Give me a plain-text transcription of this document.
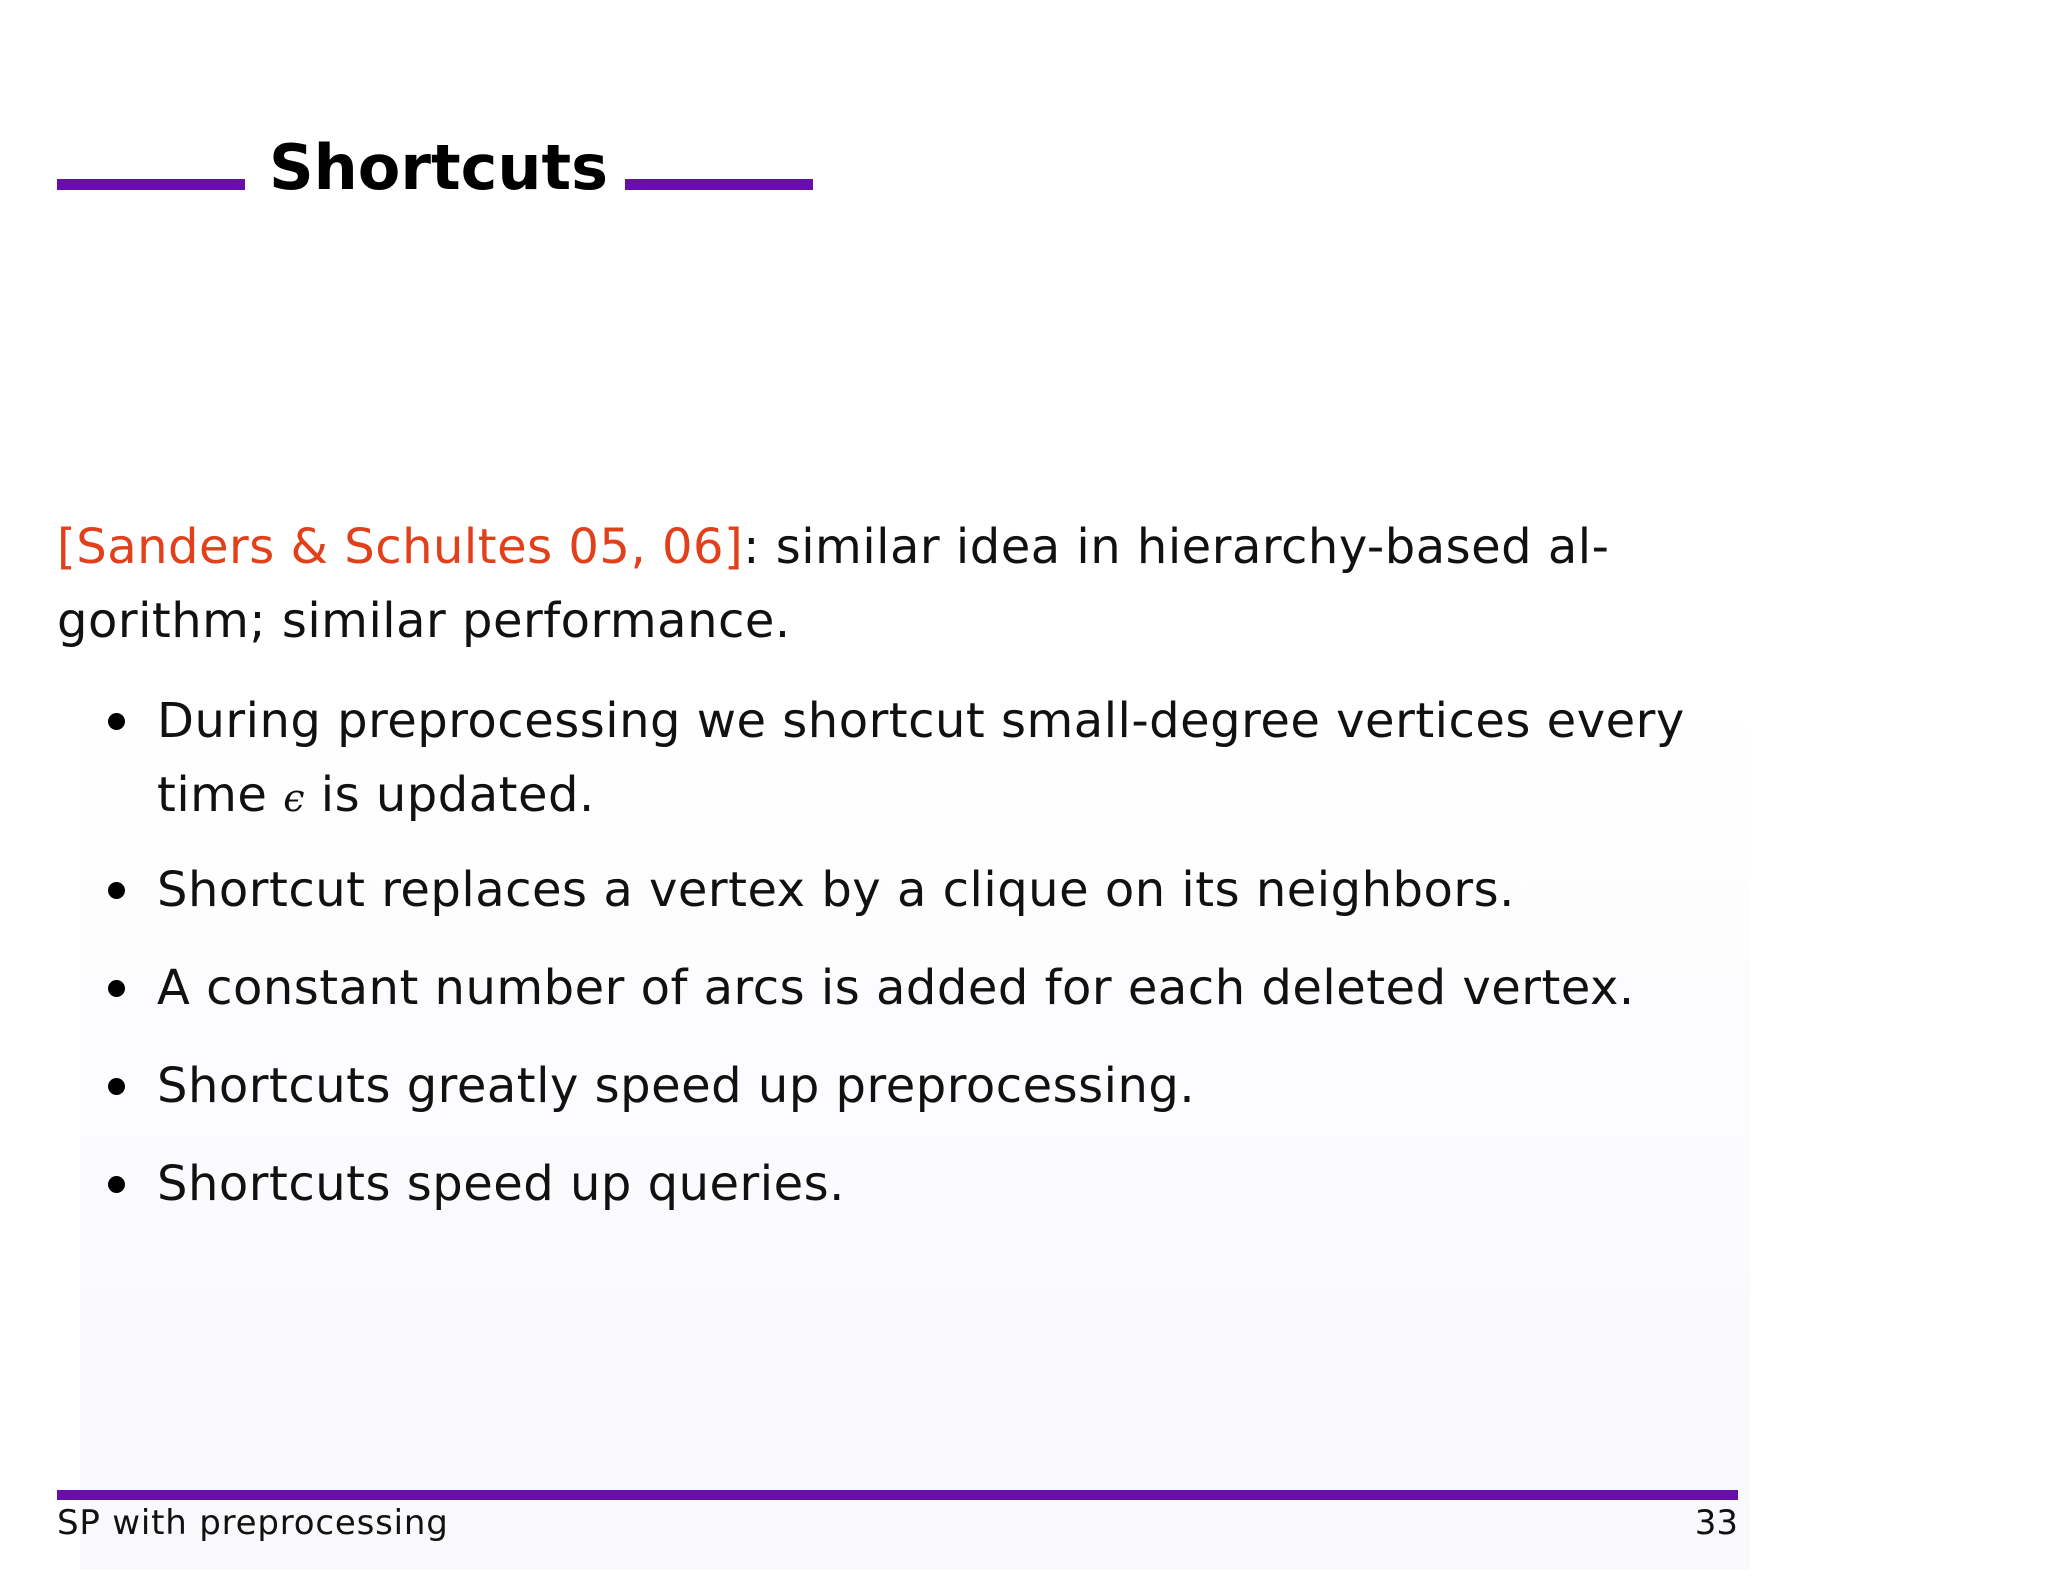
Shortcuts
[Sanders & Schultes 05, 06]: similar idea in hierarchy-based al-
gorithm; similar performance.
During preprocessing we shortcut small-degree vertices every
time ϵ is updated.
Shortcut replaces a vertex by a clique on its neighbors.
A constant number of arcs is added for each deleted vertex.
Shortcuts greatly speed up preprocessing.
Shortcuts speed up queries.
SP with preprocessing	33
